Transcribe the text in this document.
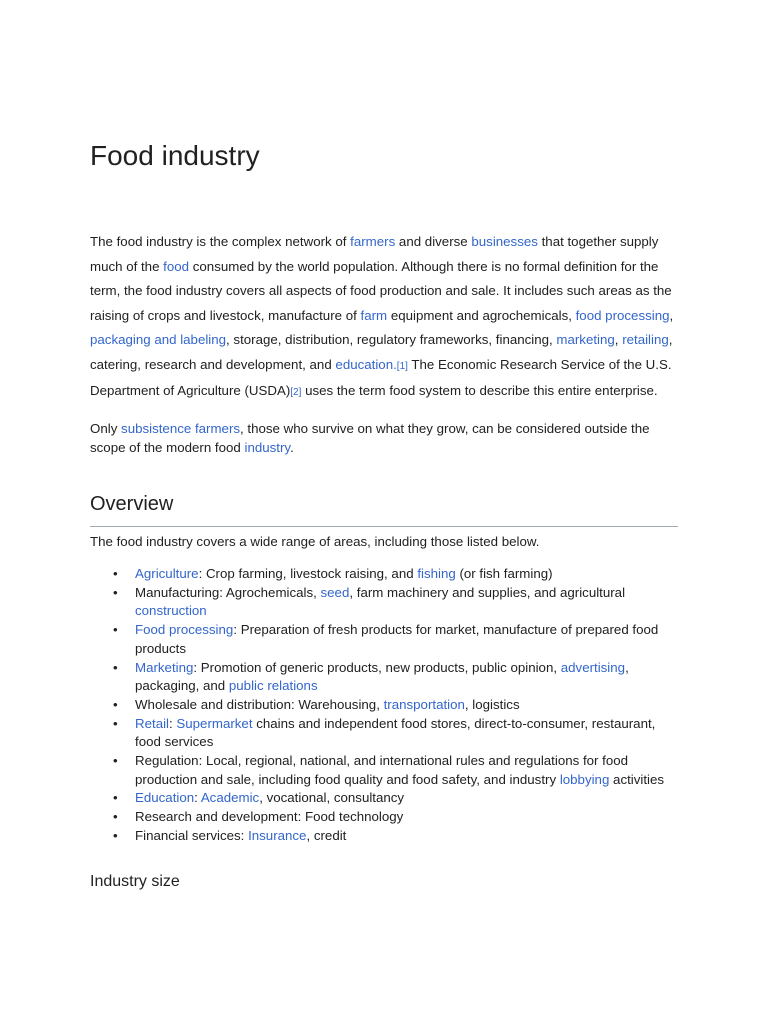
Food industry

The food industry is the complex network of farmers and diverse businesses that together supply much of the food consumed by the world population. Although there is no formal definition for the term, the food industry covers all aspects of food production and sale. It includes such areas as the raising of crops and livestock, manufacture of farm equipment and agrochemicals, food processing, packaging and labeling, storage, distribution, regulatory frameworks, financing, marketing, retailing, catering, research and development, and education.[1] The Economic Research Service of the U.S. Department of Agriculture (USDA)[2] uses the term food system to describe this entire enterprise.

Only subsistence farmers, those who survive on what they grow, can be considered outside the scope of the modern food industry.

Overview

The food industry covers a wide range of areas, including those listed below.

• Agriculture: Crop farming, livestock raising, and fishing (or fish farming)
• Manufacturing: Agrochemicals, seed, farm machinery and supplies, and agricultural construction
• Food processing: Preparation of fresh products for market, manufacture of prepared food products
• Marketing: Promotion of generic products, new products, public opinion, advertising, packaging, and public relations
• Wholesale and distribution: Warehousing, transportation, logistics
• Retail: Supermarket chains and independent food stores, direct-to-consumer, restaurant, food services
• Regulation: Local, regional, national, and international rules and regulations for food production and sale, including food quality and food safety, and industry lobbying activities
• Education: Academic, vocational, consultancy
• Research and development: Food technology
• Financial services: Insurance, credit
Industry size
